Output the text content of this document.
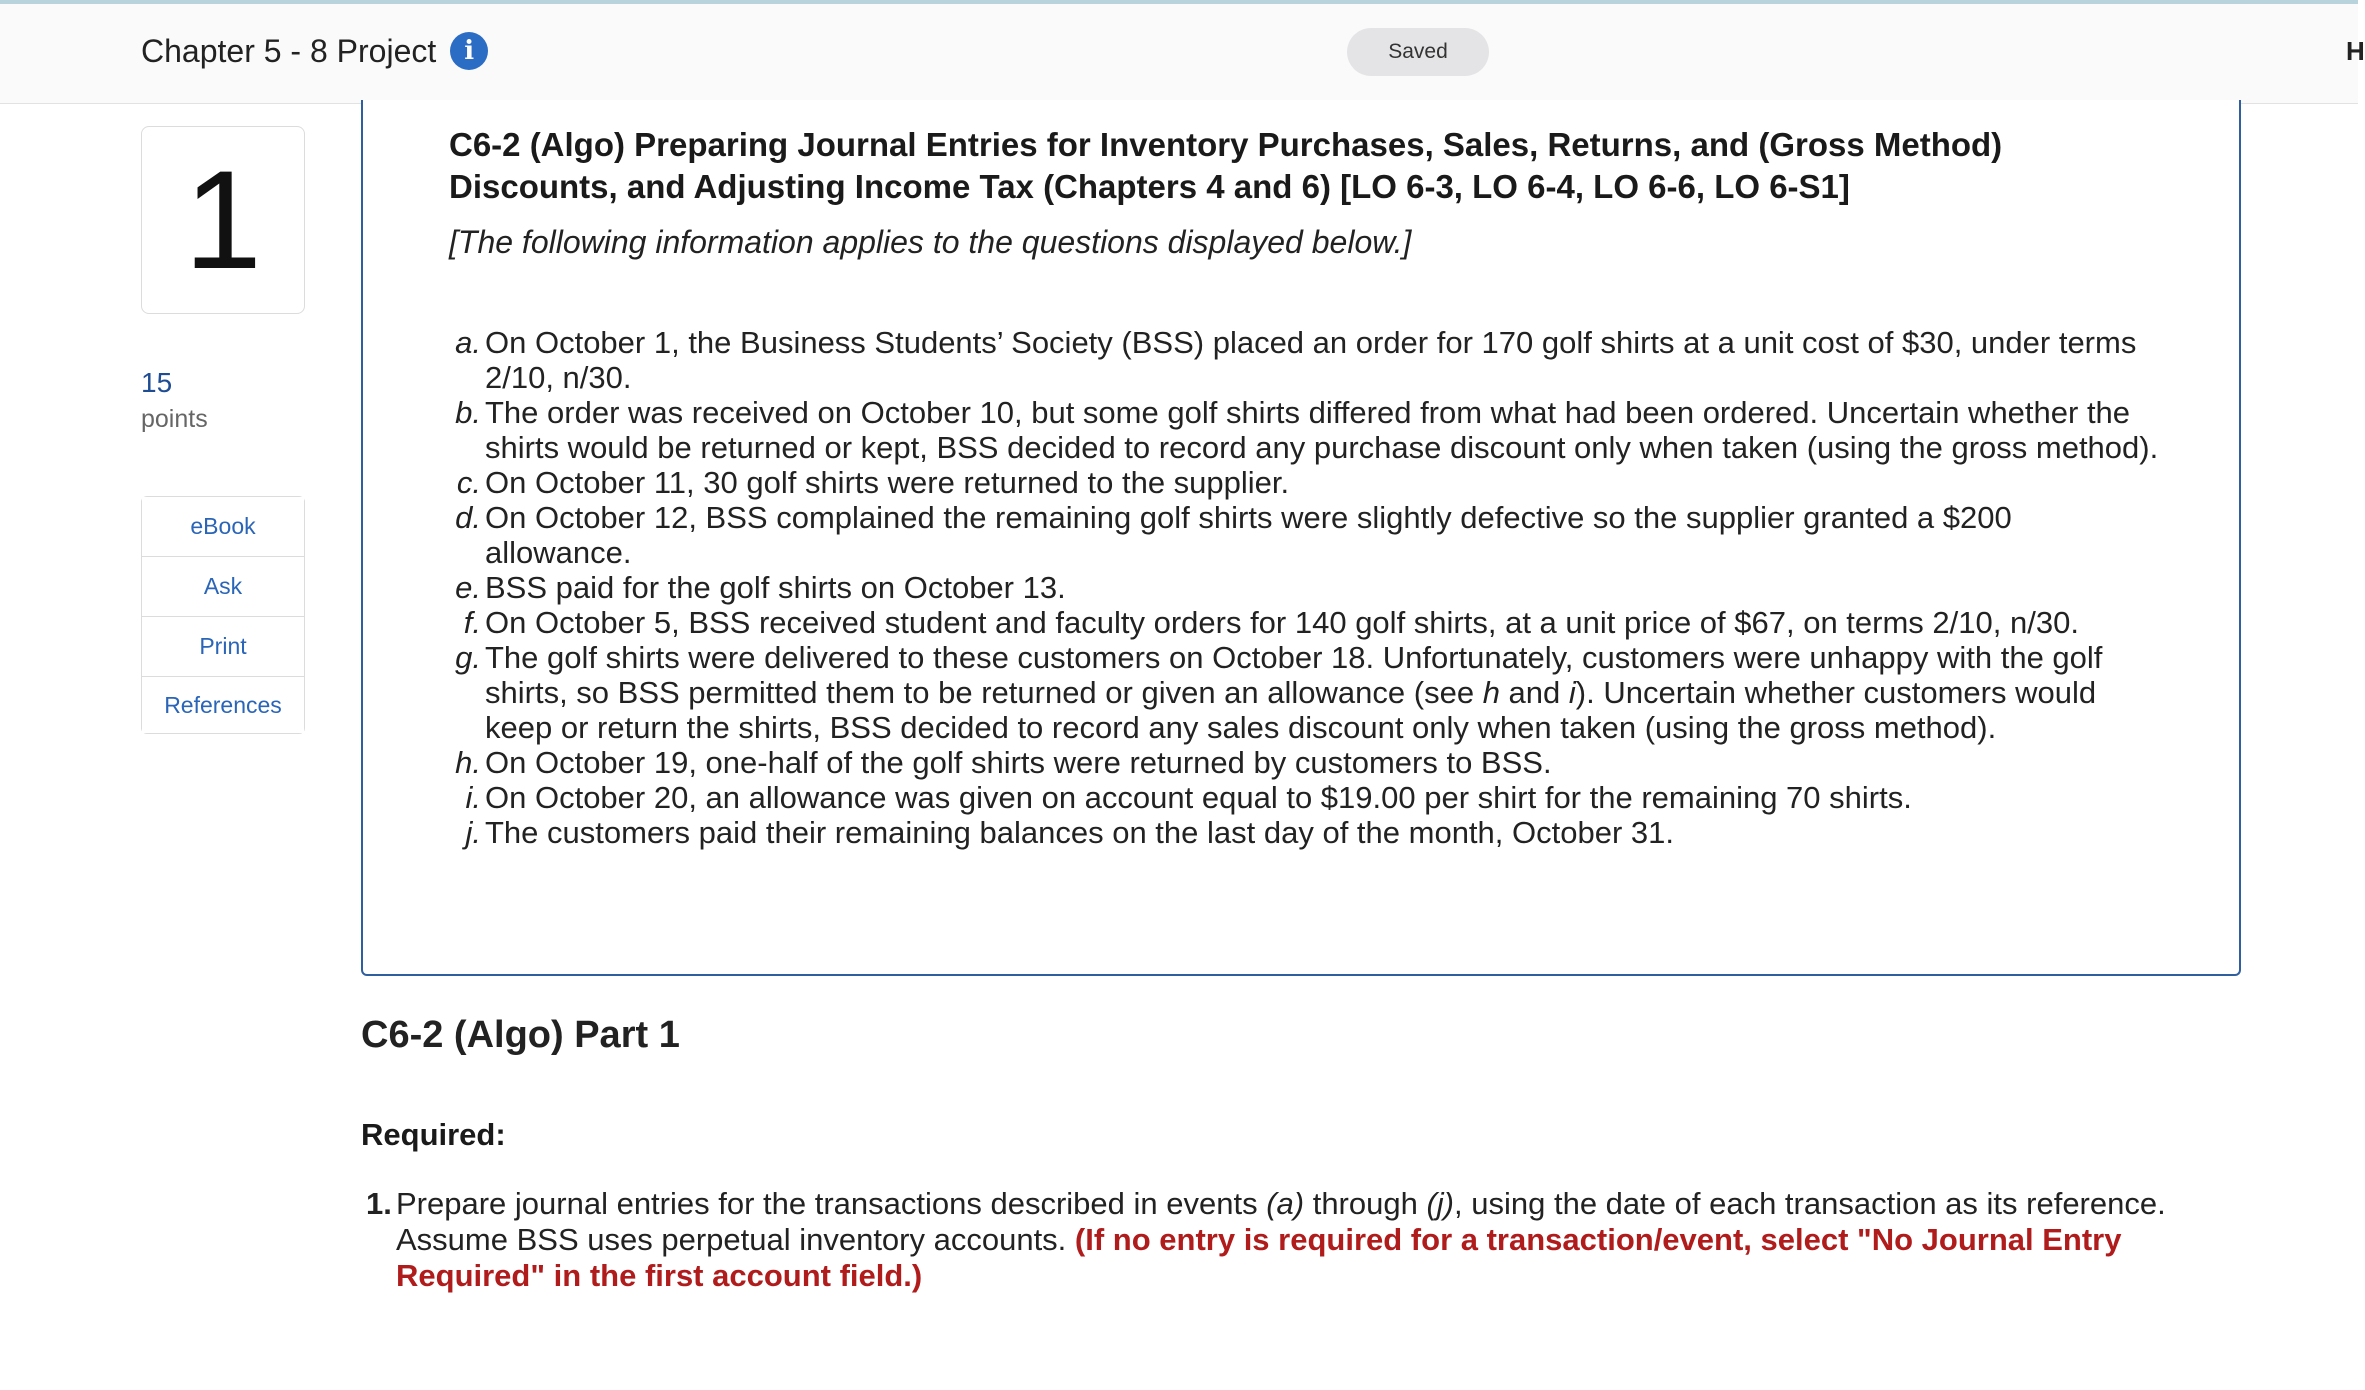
Chapter 5 - 8 Project	i	Saved	H
1
15
points
eBook
Ask
Print
References
C6-2 (Algo) Preparing Journal Entries for Inventory Purchases, Sales, Returns, and (Gross Method) Discounts, and Adjusting Income Tax (Chapters 4 and 6) [LO 6-3, LO 6-4, LO 6-6, LO 6-S1]
[The following information applies to the questions displayed below.]
a. On October 1, the Business Students’ Society (BSS) placed an order for 170 golf shirts at a unit cost of $30, under terms 2/10, n/30.
b. The order was received on October 10, but some golf shirts differed from what had been ordered. Uncertain whether the shirts would be returned or kept, BSS decided to record any purchase discount only when taken (using the gross method).
c. On October 11, 30 golf shirts were returned to the supplier.
d. On October 12, BSS complained the remaining golf shirts were slightly defective so the supplier granted a $200 allowance.
e. BSS paid for the golf shirts on October 13.
f. On October 5, BSS received student and faculty orders for 140 golf shirts, at a unit price of $67, on terms 2/10, n/30.
g. The golf shirts were delivered to these customers on October 18. Unfortunately, customers were unhappy with the golf shirts, so BSS permitted them to be returned or given an allowance (see h and i). Uncertain whether customers would keep or return the shirts, BSS decided to record any sales discount only when taken (using the gross method).
h. On October 19, one-half of the golf shirts were returned by customers to BSS.
i. On October 20, an allowance was given on account equal to $19.00 per shirt for the remaining 70 shirts.
j. The customers paid their remaining balances on the last day of the month, October 31.
C6-2 (Algo) Part 1
Required:
1. Prepare journal entries for the transactions described in events (a) through (j), using the date of each transaction as its reference. Assume BSS uses perpetual inventory accounts. (If no entry is required for a transaction/event, select "No Journal Entry Required" in the first account field.)
